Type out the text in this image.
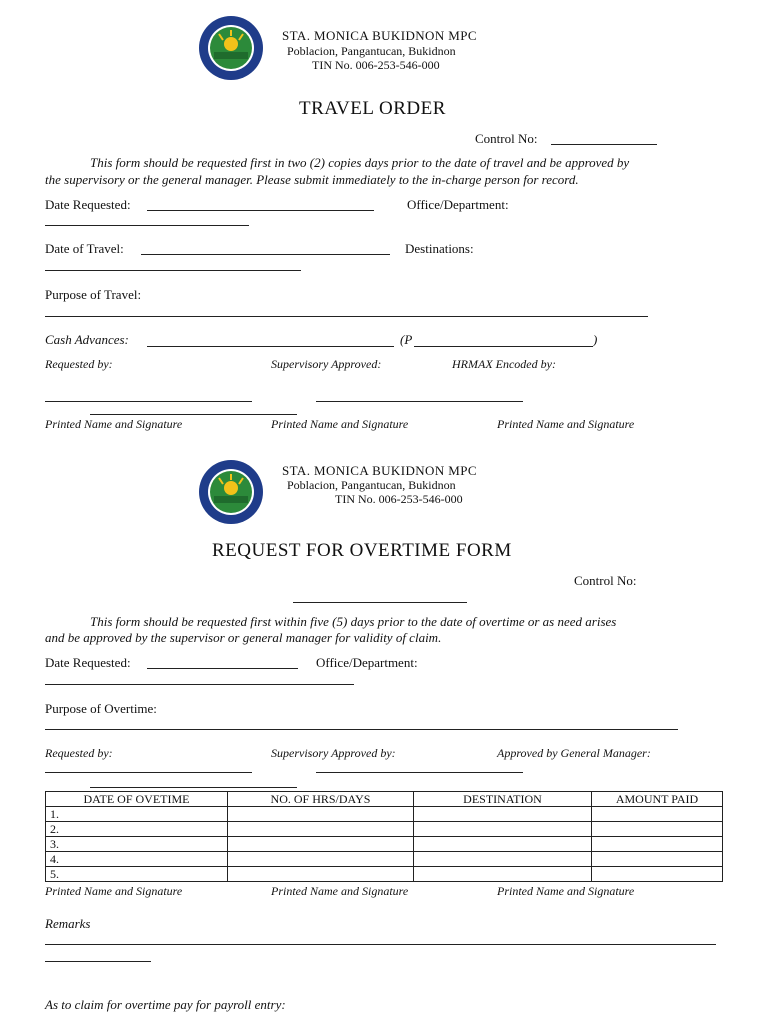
STA. MONICA BUKIDNON MPC
Poblacion, Pangantucan, Bukidnon
TIN No. 006-253-546-000
TRAVEL ORDER
Control No:
This form should be requested first in two (2) copies days prior to the date of travel and be approved by
the supervisory or the general manager. Please submit immediately to the in-charge person for record.
Date Requested:	Office/Department:
Date of Travel:	Destinations:
Purpose of Travel:
Cash Advances:	(P	)
Requested by:	Supervisory Approved:	HRMAX Encoded by:
Printed Name and Signature	Printed Name and Signature	Printed Name and Signature
STA. MONICA BUKIDNON MPC
Poblacion, Pangantucan, Bukidnon
TIN No. 006-253-546-000
REQUEST FOR OVERTIME FORM
Control No:
This form should be requested first within five (5) days prior to the date of overtime or as need arises
and be approved by the supervisor or general manager for validity of claim.
Date Requested:	Office/Department:
Purpose of Overtime:
Requested by:	Supervisory Approved by:	Approved by General Manager:
DATE OF OVETIME	NO. OF HRS/DAYS	DESTINATION	AMOUNT PAID
1.			
2.			
3.			
4.			
5.			
Printed Name and Signature	Printed Name and Signature	Printed Name and Signature
Remarks
As to claim for overtime pay for payroll entry:
